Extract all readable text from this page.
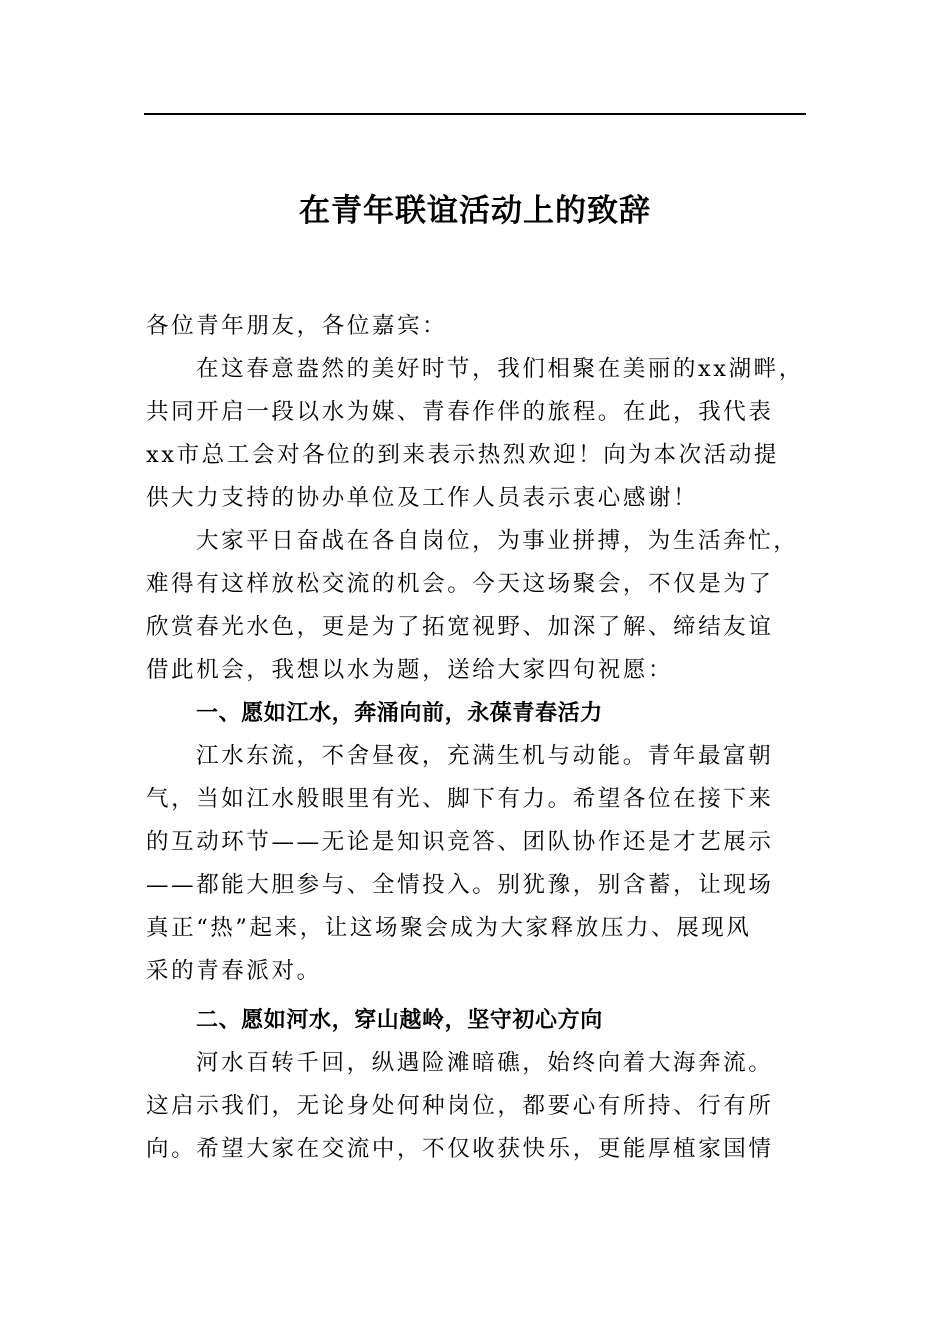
在青年联谊活动上的致辞
各位青年朋友，各位嘉宾：
在这春意盎然的美好时节，我们相聚在美丽的xx湖畔，
共同开启一段以水为媒、青春作伴的旅程。在此，我代表
xx市总工会对各位的到来表示热烈欢迎！向为本次活动提
供大力支持的协办单位及工作人员表示衷心感谢！
大家平日奋战在各自岗位，为事业拼搏，为生活奔忙，
难得有这样放松交流的机会。今天这场聚会，不仅是为了
欣赏春光水色，更是为了拓宽视野、加深了解、缔结友谊
借此机会，我想以水为题，送给大家四句祝愿：
一、愿如江水，奔涌向前，永葆青春活力
江水东流，不舍昼夜，充满生机与动能。青年最富朝
气，当如江水般眼里有光、脚下有力。希望各位在接下来
的互动环节——无论是知识竞答、团队协作还是才艺展示
——都能大胆参与、全情投入。别犹豫，别含蓄，让现场
真正“热”起来，让这场聚会成为大家释放压力、展现风
采的青春派对。
二、愿如河水，穿山越岭，坚守初心方向
河水百转千回，纵遇险滩暗礁，始终向着大海奔流。
这启示我们，无论身处何种岗位，都要心有所持、行有所
向。希望大家在交流中，不仅收获快乐，更能厚植家国情
